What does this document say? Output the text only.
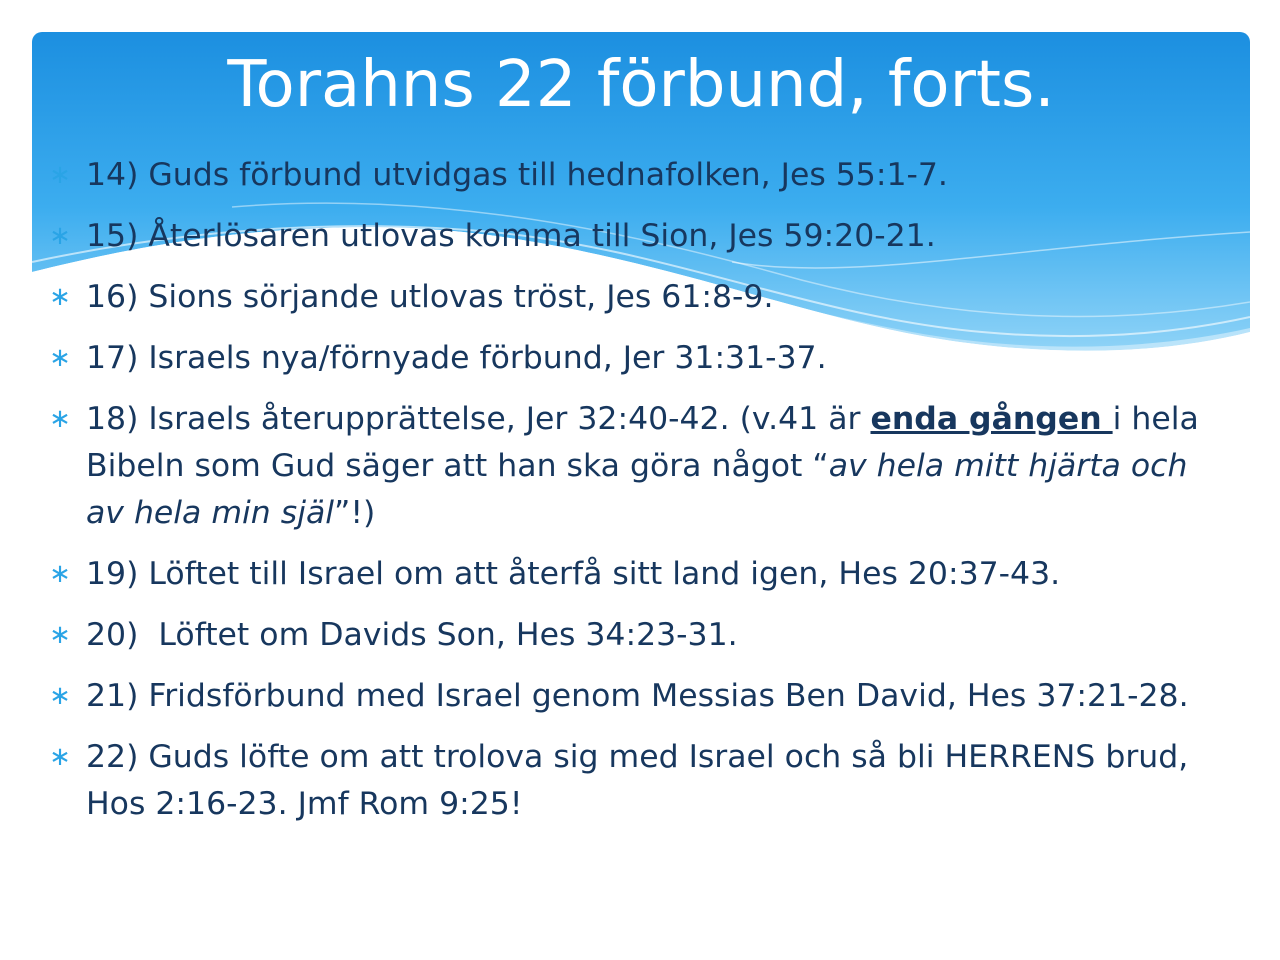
Torahns 22 förbund, forts.
∗ 14) Guds förbund utvidgas till hednafolken, Jes 55:1-7.
∗ 15) Återlösaren utlovas komma till Sion, Jes 59:20-21.
∗ 16) Sions sörjande utlovas tröst, Jes 61:8-9.
∗ 17) Israels nya/förnyade förbund, Jer 31:31-37.
∗ 18) Israels återupprättelse, Jer 32:40-42. (v.41 är enda gången i hela Bibeln som Gud säger att han ska göra något “av hela mitt hjärta och av hela min själ”!)
∗ 19) Löftet till Israel om att återfå sitt land igen, Hes 20:37-43.
∗ 20)  Löftet om Davids Son, Hes 34:23-31.
∗ 21) Fridsförbund med Israel genom Messias Ben David, Hes 37:21-28.
∗ 22) Guds löfte om att trolova sig med Israel och så bli HERRENS brud, Hos 2:16-23. Jmf Rom 9:25!
